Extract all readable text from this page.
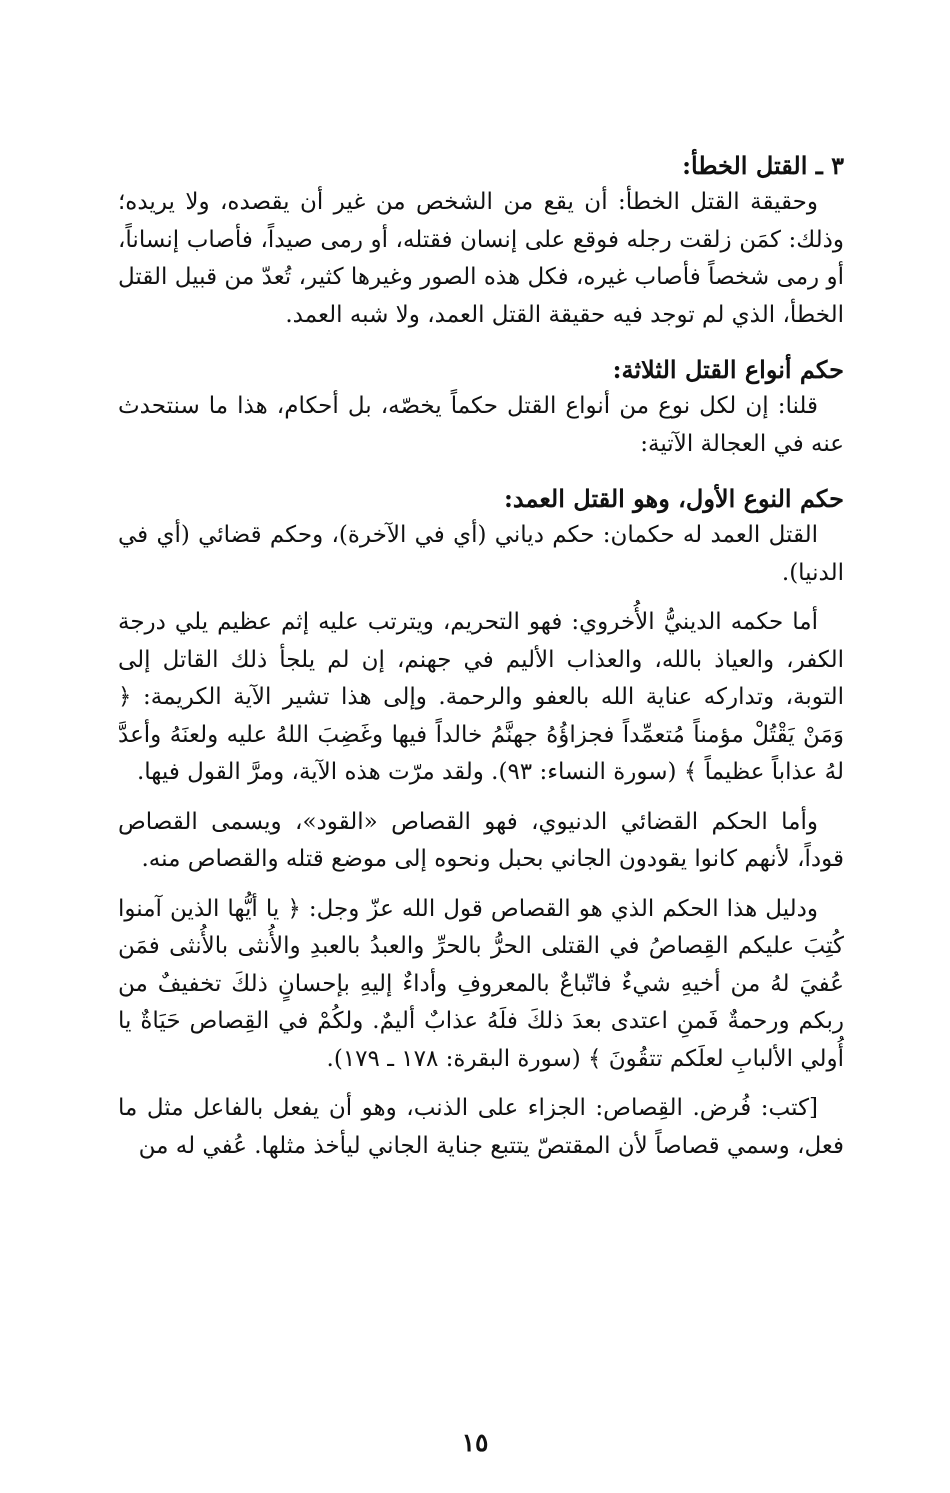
٣ ـ القتل الخطأ:

وحقيقة القتل الخطأ: أن يقع من الشخص من غير أن يقصده، ولا يريده؛ وذلك: كمَن زلقت رجله فوقع على إنسان فقتله، أو رمى صيداً، فأصاب إنساناً، أو رمى شخصاً فأصاب غيره، فكل هذه الصور وغيرها كثير، تُعدّ من قبيل القتل الخطأ، الذي لم توجد فيه حقيقة القتل العمد، ولا شبه العمد.

حكم أنواع القتل الثلاثة:

قلنا: إن لكل نوع من أنواع القتل حكماً يخصّه، بل أحكام، هذا ما سنتحدث عنه في العجالة الآتية:

حكم النوع الأول، وهو القتل العمد:

القتل العمد له حكمان: حكم دياني (أي في الآخرة)، وحكم قضائي (أي في الدنيا).

أما حكمه الدينيُّ الأُخروي: فهو التحريم، ويترتب عليه إثم عظيم يلي درجة الكفر، والعياذ بالله، والعذاب الأليم في جهنم، إن لم يلجأ ذلك القاتل إلى التوبة، وتداركه عناية الله بالعفو والرحمة. وإلى هذا تشير الآية الكريمة: ﴿ وَمَنْ يَقْتُلْ مؤمناً مُتعمِّداً فجزاؤُهُ جهنَّمُ خالداً فيها وغَضِبَ اللهُ عليه ولعنَهُ وأعدَّ لهُ عذاباً عظيماً ﴾ (سورة النساء: ٩٣). ولقد مرّت هذه الآية، ومرَّ القول فيها.

وأما الحكم القضائي الدنيوي، فهو القصاص «القود»، ويسمى القصاص قوداً، لأنهم كانوا يقودون الجاني بحبل ونحوه إلى موضع قتله والقصاص منه.

ودليل هذا الحكم الذي هو القصاص قول الله عزّ وجل: ﴿ يا أيُّها الذين آمنوا كُتِبَ عليكم القِصاصُ في القتلى الحرُّ بالحرِّ والعبدُ بالعبدِ والأُنثى بالأُنثى فمَن عُفيَ لهُ من أخيهِ شيءٌ فاتّباعٌ بالمعروفِ وأداءٌ إليهِ بإحسانٍ ذلكَ تخفيفٌ من ربكم ورحمةٌ فَمنِ اعتدى بعدَ ذلكَ فلَهُ عذابٌ أليمٌ. ولكُمْ في القِصاص حَيَاةٌ يا أُولي الألبابِ لعلَكم تتقُونَ ﴾ (سورة البقرة: ١٧٨ ـ ١٧٩).

[كتب: فُرض. القِصاص: الجزاء على الذنب، وهو أن يفعل بالفاعل مثل ما فعل، وسمي قصاصاً لأن المقتصّ يتتبع جناية الجاني ليأخذ مثلها. عُفي له من

١٥
